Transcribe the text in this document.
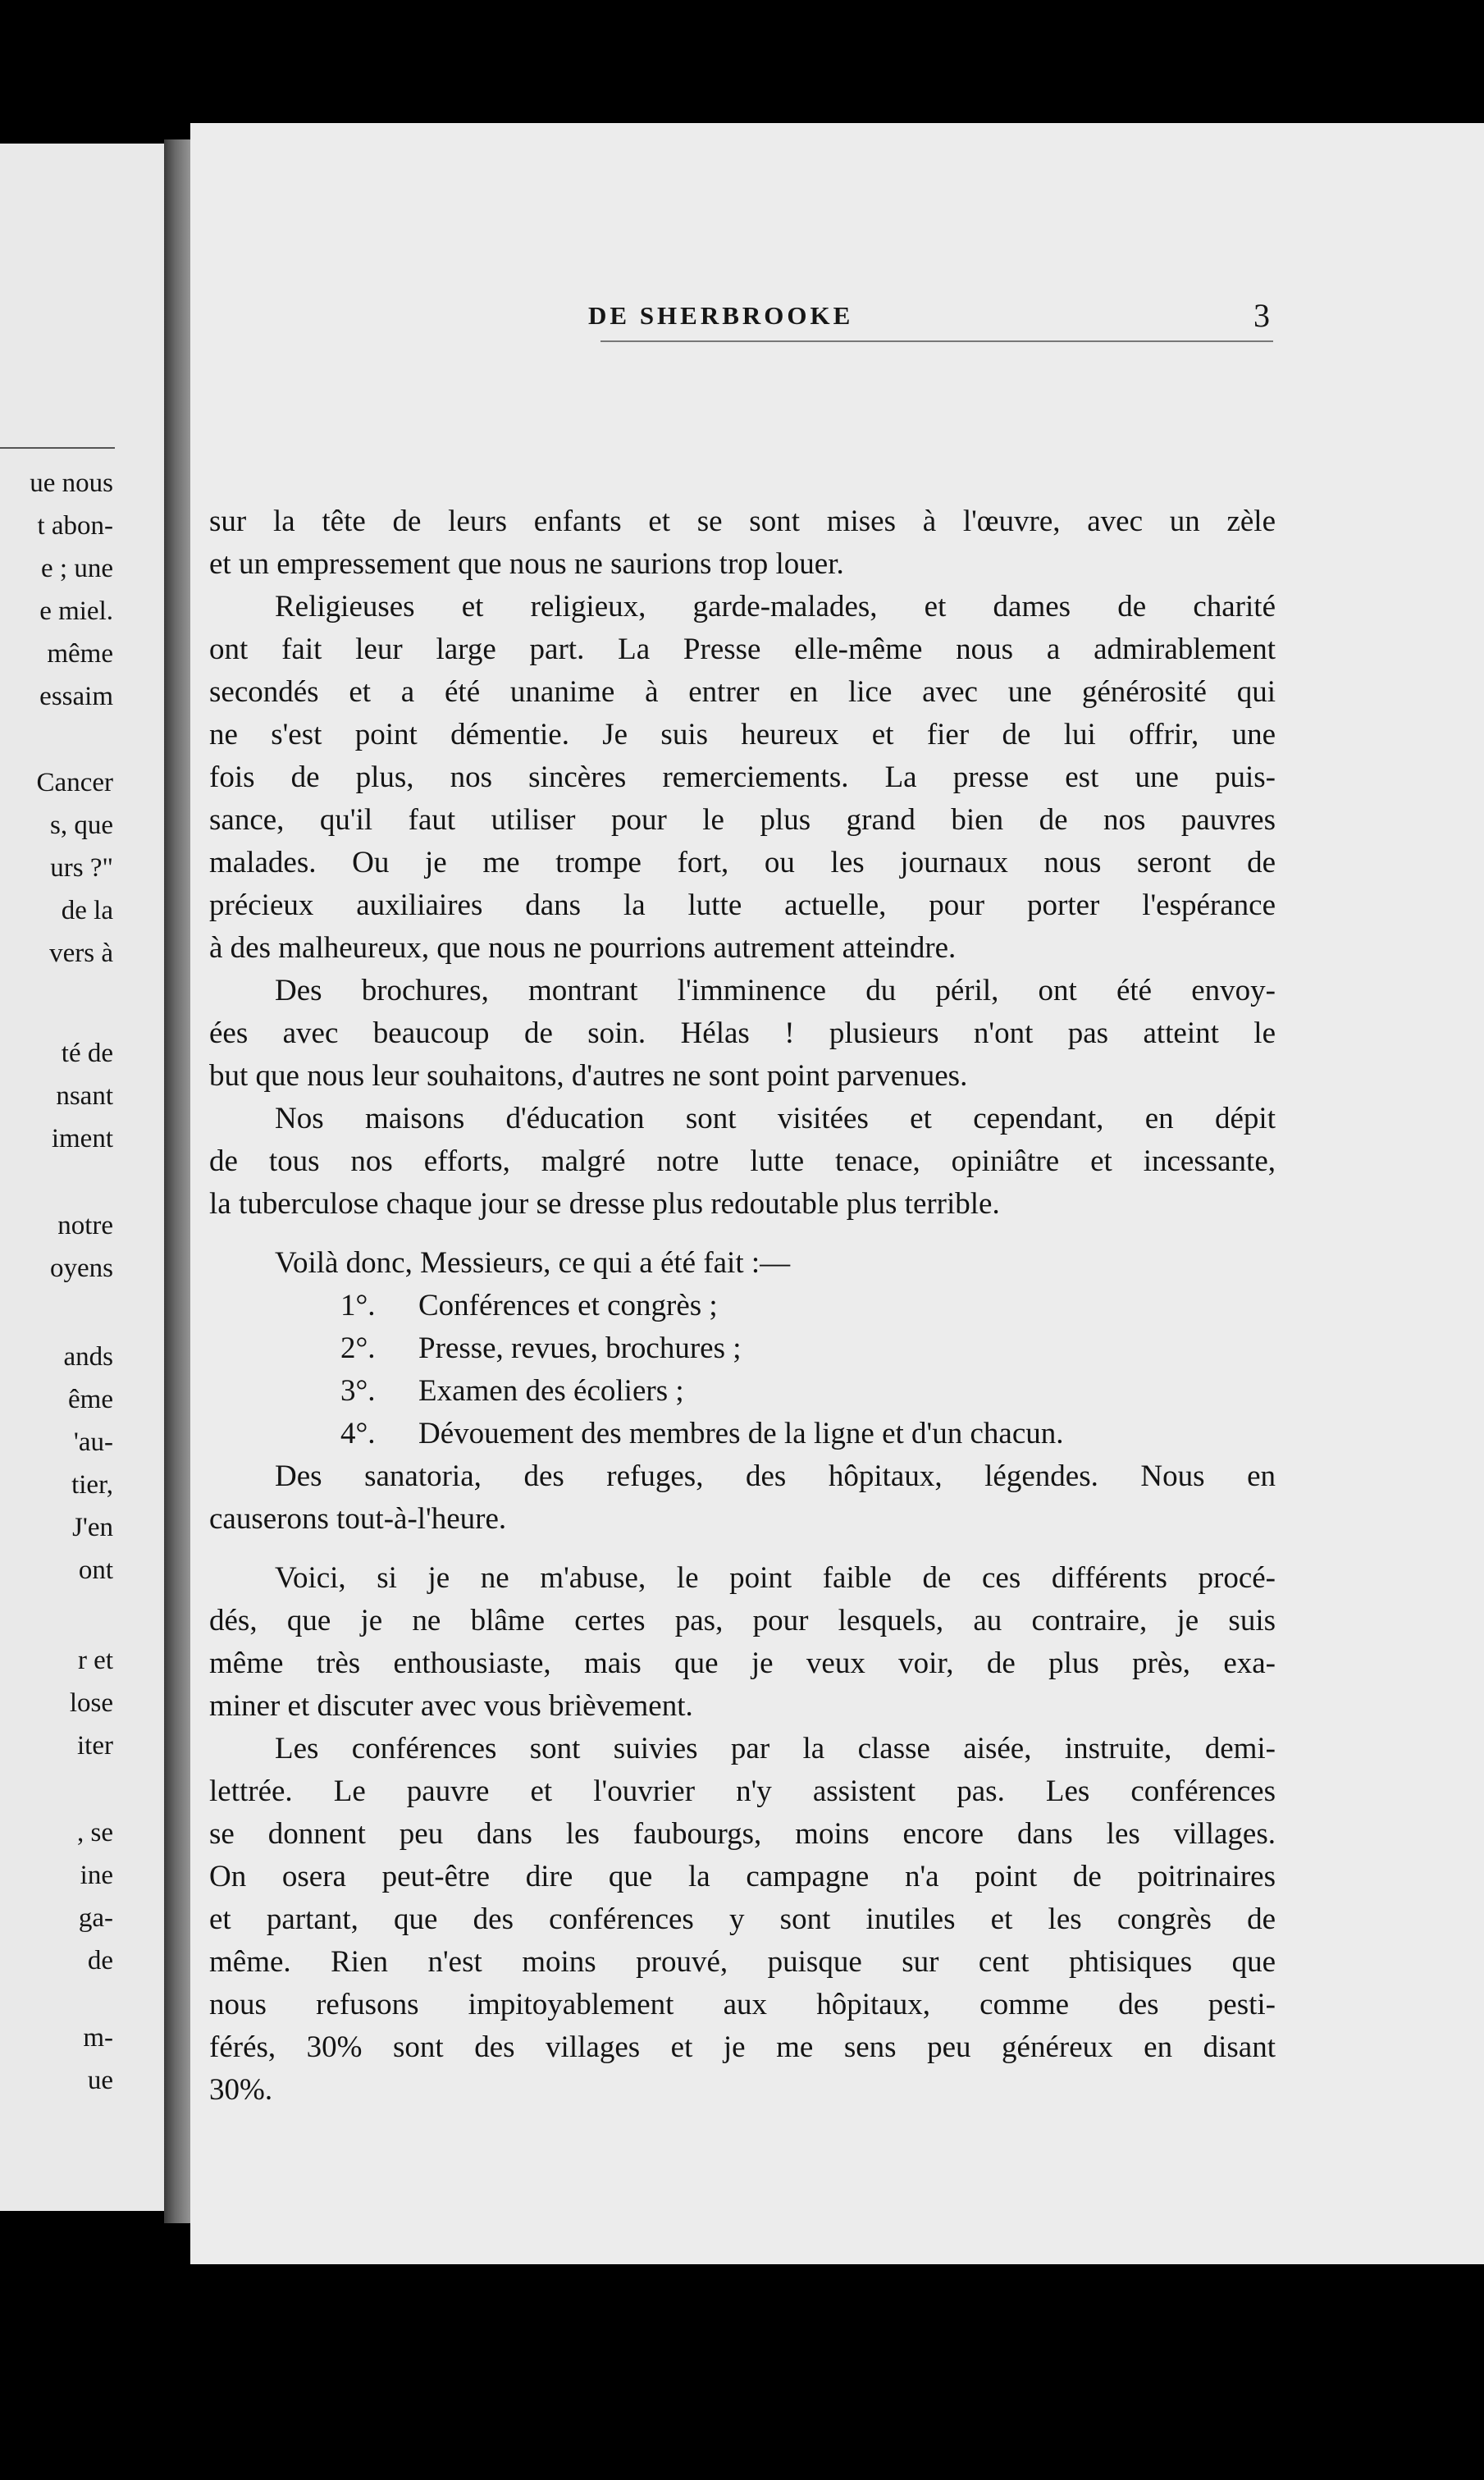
ue nous
t abon-
e ; une
e miel.
même
essaim
Cancer
s, que
urs ?"
de la
vers à
té de
nsant
iment
notre
oyens
ands
ême
'au-
tier,
J'en
ont
r et
lose
iter
, se
ine
ga-
de
m-
ue
DE SHERBROOKE	3
sur la tête de leurs enfants et se sont mises à l'œuvre, avec un zèle
et un empressement que nous ne saurions trop louer.
Religieuses et religieux, garde-malades, et dames de charité
ont fait leur large part. La Presse elle-même nous a admirablement
secondés et a été unanime à entrer en lice avec une générosité qui
ne s'est point démentie. Je suis heureux et fier de lui offrir, une
fois de plus, nos sincères remerciements. La presse est une puis-
sance, qu'il faut utiliser pour le plus grand bien de nos pauvres
malades. Ou je me trompe fort, ou les journaux nous seront de
précieux auxiliaires dans la lutte actuelle, pour porter l'espérance
à des malheureux, que nous ne pourrions autrement atteindre.
Des brochures, montrant l'imminence du péril, ont été envoy-
ées avec beaucoup de soin. Hélas ! plusieurs n'ont pas atteint le
but que nous leur souhaitons, d'autres ne sont point parvenues.
Nos maisons d'éducation sont visitées et cependant, en dépit
de tous nos efforts, malgré notre lutte tenace, opiniâtre et incessante,
la tuberculose chaque jour se dresse plus redoutable plus terrible.
Voilà donc, Messieurs, ce qui a été fait :—
1°. Conférences et congrès ;
2°. Presse, revues, brochures ;
3°. Examen des écoliers ;
4°. Dévouement des membres de la ligne et d'un chacun.
Des sanatoria, des refuges, des hôpitaux, légendes. Nous en
causerons tout-à-l'heure.
Voici, si je ne m'abuse, le point faible de ces différents procé-
dés, que je ne blâme certes pas, pour lesquels, au contraire, je suis
même très enthousiaste, mais que je veux voir, de plus près, exa-
miner et discuter avec vous brièvement.
Les conférences sont suivies par la classe aisée, instruite, demi-
lettrée. Le pauvre et l'ouvrier n'y assistent pas. Les conférences
se donnent peu dans les faubourgs, moins encore dans les villages.
On osera peut-être dire que la campagne n'a point de poitrinaires
et partant, que des conférences y sont inutiles et les congrès de
même. Rien n'est moins prouvé, puisque sur cent phtisiques que
nous refusons impitoyablement aux hôpitaux, comme des pesti-
férés, 30% sont des villages et je me sens peu généreux en disant
30%.
